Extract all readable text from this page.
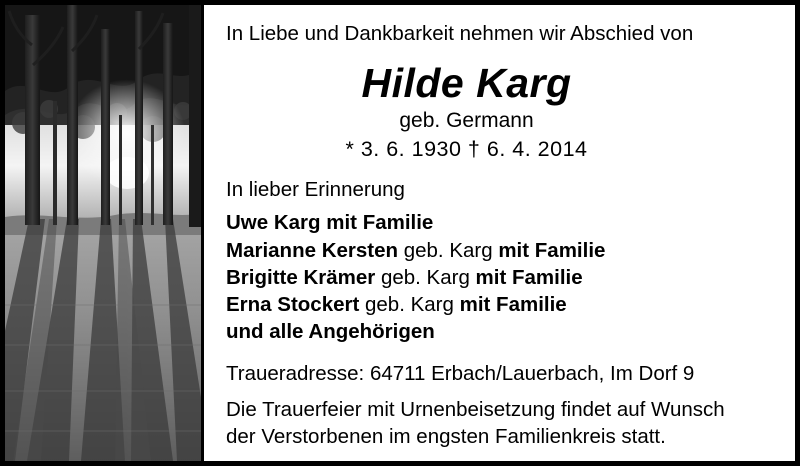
In Liebe und Dankbarkeit nehmen wir Abschied von
Hilde Karg
geb. Germann
* 3. 6. 1930 † 6. 4. 2014
In lieber Erinnerung
Uwe Karg mit Familie
Marianne Kersten geb. Karg mit Familie
Brigitte Krämer geb. Karg mit Familie
Erna Stockert geb. Karg mit Familie
und alle Angehörigen

Traueradresse: 64711 Erbach/Lauerbach, Im Dorf 9

Die Trauerfeier mit Urnenbeisetzung findet auf Wunsch

der Verstorbenen im engsten Familienkreis statt.
